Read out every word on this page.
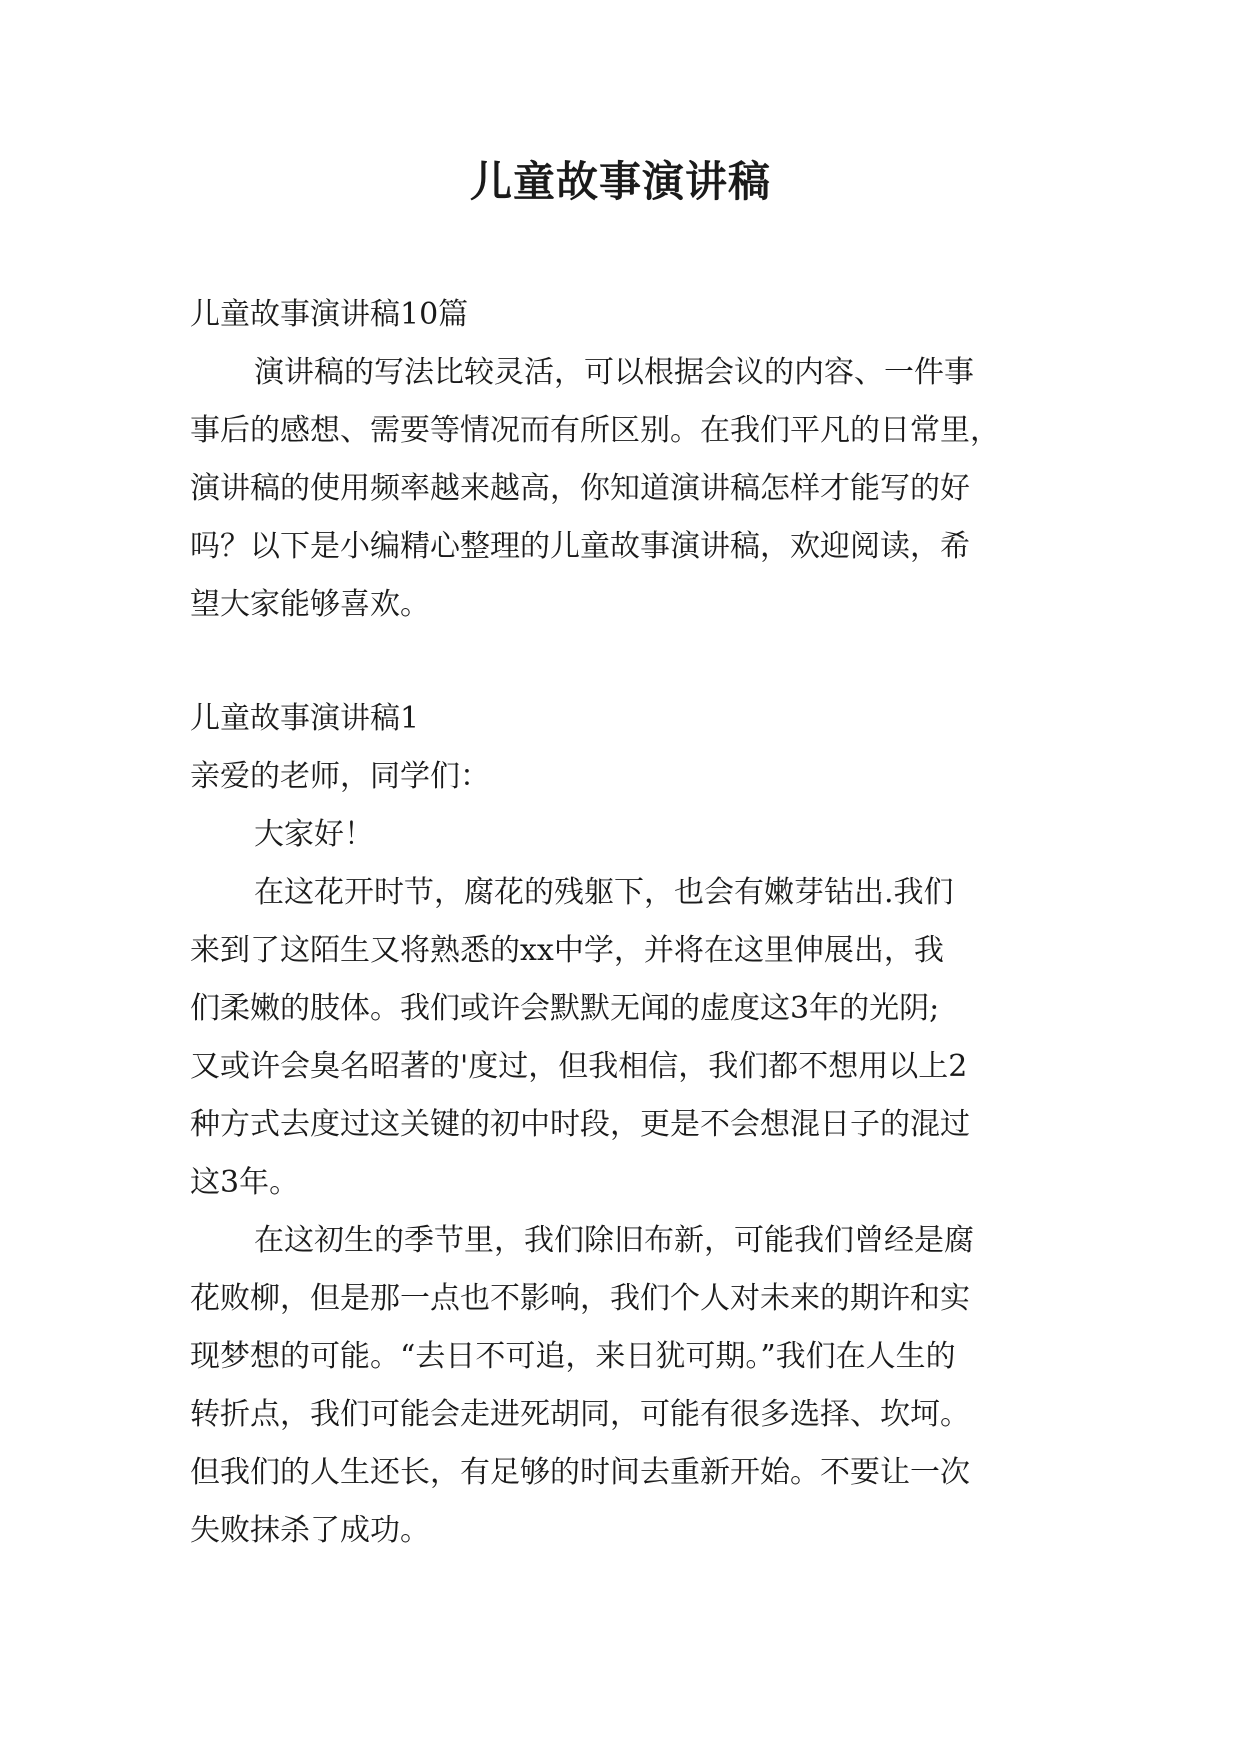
儿童故事演讲稿

儿童故事演讲稿10篇

演讲稿的写法比较灵活，可以根据会议的内容、一件事

事后的感想、需要等情况而有所区别。在我们平凡的日常里，

演讲稿的使用频率越来越高，你知道演讲稿怎样才能写的好

吗？以下是小编精心整理的儿童故事演讲稿，欢迎阅读，希

望大家能够喜欢。

儿童故事演讲稿1

亲爱的老师，同学们：

大家好！

在这花开时节，腐花的残躯下，也会有嫩芽钻出.我们

来到了这陌生又将熟悉的xx中学，并将在这里伸展出，我

们柔嫩的肢体。我们或许会默默无闻的虚度这3年的光阴;

又或许会臭名昭著的'度过，但我相信，我们都不想用以上2

种方式去度过这关键的初中时段，更是不会想混日子的混过

这3年。

在这初生的季节里，我们除旧布新，可能我们曾经是腐

花败柳，但是那一点也不影响，我们个人对未来的期许和实

现梦想的可能。“去日不可追，来日犹可期。”我们在人生的

转折点，我们可能会走进死胡同，可能有很多选择、坎坷。

但我们的人生还长，有足够的时间去重新开始。不要让一次

失败抹杀了成功。
